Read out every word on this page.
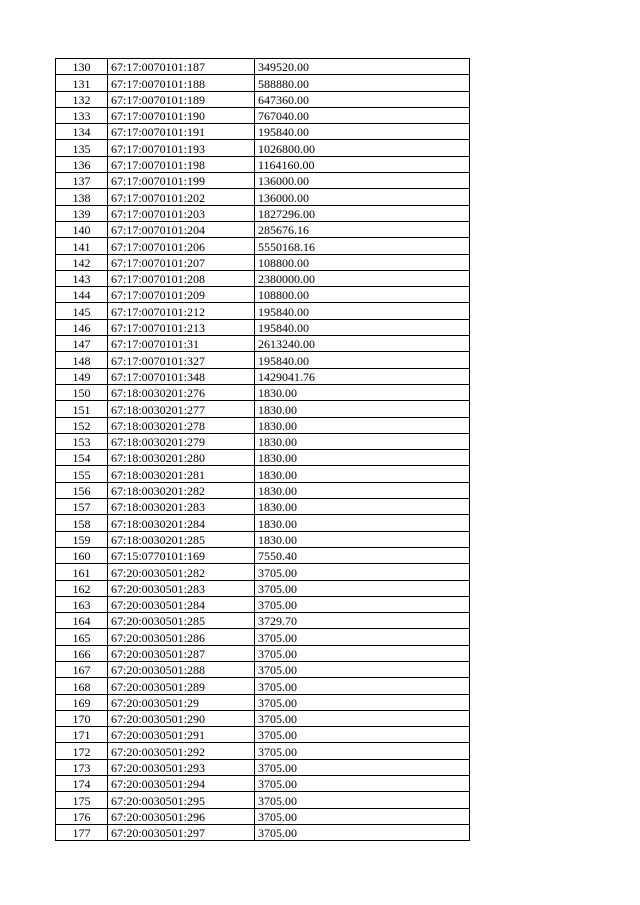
130	67:17:0070101:187	349520.00
131	67:17:0070101:188	588880.00
132	67:17:0070101:189	647360.00
133	67:17:0070101:190	767040.00
134	67:17:0070101:191	195840.00
135	67:17:0070101:193	1026800.00
136	67:17:0070101:198	1164160.00
137	67:17:0070101:199	136000.00
138	67:17:0070101:202	136000.00
139	67:17:0070101:203	1827296.00
140	67:17:0070101:204	285676.16
141	67:17:0070101:206	5550168.16
142	67:17:0070101:207	108800.00
143	67:17:0070101:208	2380000.00
144	67:17:0070101:209	108800.00
145	67:17:0070101:212	195840.00
146	67:17:0070101:213	195840.00
147	67:17:0070101:31	2613240.00
148	67:17:0070101:327	195840.00
149	67:17:0070101:348	1429041.76
150	67:18:0030201:276	1830.00
151	67:18:0030201:277	1830.00
152	67:18:0030201:278	1830.00
153	67:18:0030201:279	1830.00
154	67:18:0030201:280	1830.00
155	67:18:0030201:281	1830.00
156	67:18:0030201:282	1830.00
157	67:18:0030201:283	1830.00
158	67:18:0030201:284	1830.00
159	67:18:0030201:285	1830.00
160	67:15:0770101:169	7550.40
161	67:20:0030501:282	3705.00
162	67:20:0030501:283	3705.00
163	67:20:0030501:284	3705.00
164	67:20:0030501:285	3729.70
165	67:20:0030501:286	3705.00
166	67:20:0030501:287	3705.00
167	67:20:0030501:288	3705.00
168	67:20:0030501:289	3705.00
169	67:20:0030501:29	3705.00
170	67:20:0030501:290	3705.00
171	67:20:0030501:291	3705.00
172	67:20:0030501:292	3705.00
173	67:20:0030501:293	3705.00
174	67:20:0030501:294	3705.00
175	67:20:0030501:295	3705.00
176	67:20:0030501:296	3705.00
177	67:20:0030501:297	3705.00
